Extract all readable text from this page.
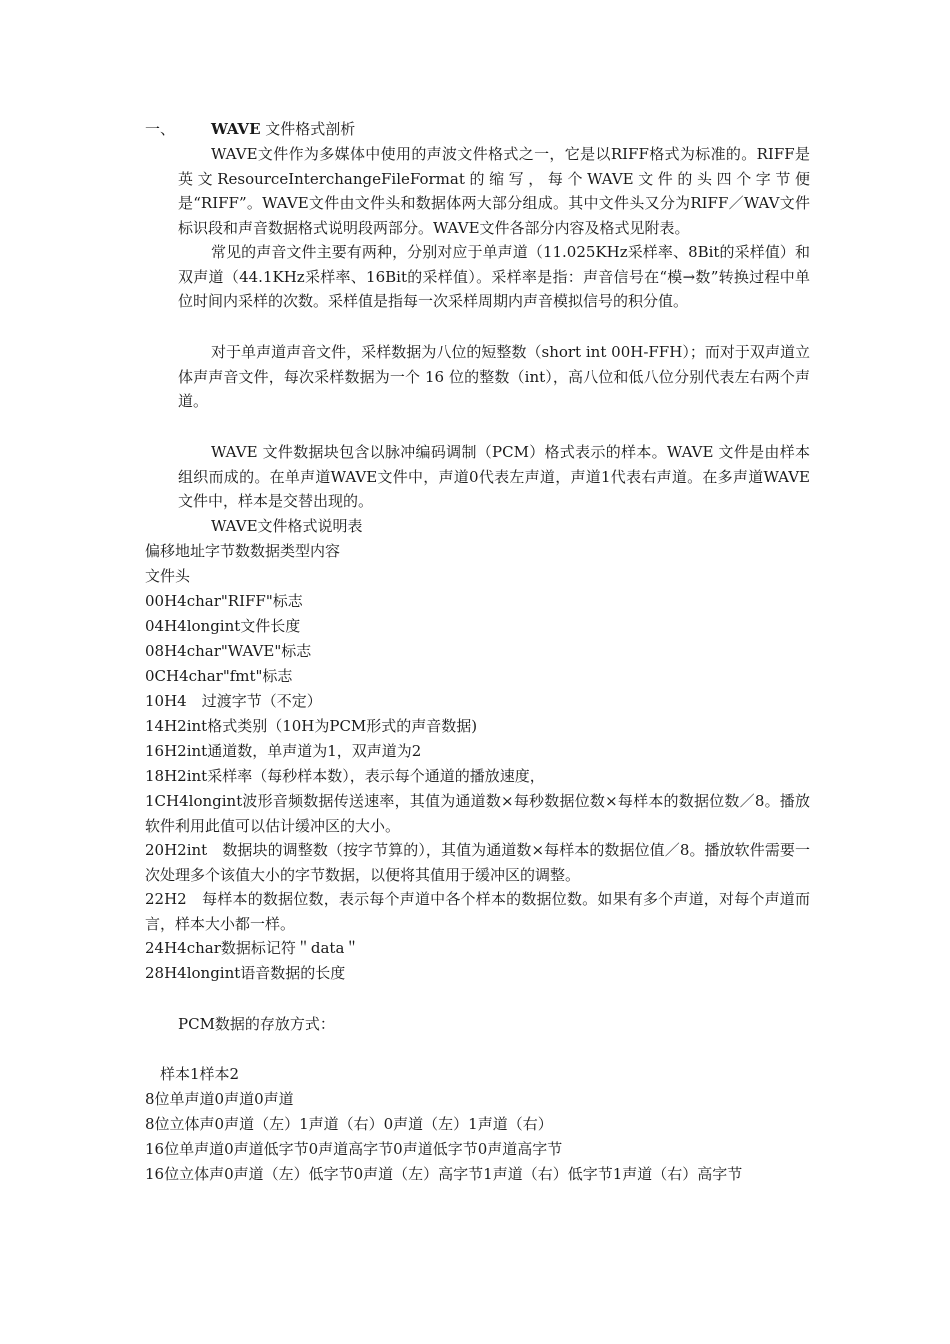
一、 WAVE 文件格式剖析
WAVE文件作为多媒体中使用的声波文件格式之一，它是以RIFF格式为标准的。RIFF是英文ResourceInterchangeFileFormat的缩写，每个WAVE文件的头四个字节便是“RIFF”。WAVE文件由文件头和数据体两大部分组成。其中文件头又分为RIFF／WAV文件标识段和声音数据格式说明段两部分。WAVE文件各部分内容及格式见附表。
常见的声音文件主要有两种，分别对应于单声道（11.025KHz采样率、8Bit的采样值）和双声道（44.1KHz采样率、16Bit的采样值）。采样率是指：声音信号在“模→数”转换过程中单位时间内采样的次数。采样值是指每一次采样周期内声音模拟信号的积分值。
对于单声道声音文件，采样数据为八位的短整数（short int 00H-FFH）；而对于双声道立体声声音文件，每次采样数据为一个 16 位的整数（int），高八位和低八位分别代表左右两个声道。
WAVE 文件数据块包含以脉冲编码调制（PCM）格式表示的样本。WAVE 文件是由样本组织而成的。在单声道WAVE文件中，声道0代表左声道，声道1代表右声道。在多声道WAVE文件中，样本是交替出现的。
WAVE文件格式说明表
偏移地址字节数数据类型内容
文件头
00H4char"RIFF"标志
04H4longint文件长度
08H4char"WAVE"标志
0CH4char"fmt"标志
10H4　过渡字节（不定）
14H2int格式类别（10H为PCM形式的声音数据)
16H2int通道数，单声道为1，双声道为2
18H2int采样率（每秒样本数），表示每个通道的播放速度，
1CH4longint波形音频数据传送速率，其值为通道数×每秒数据位数×每样本的数据位数／8。播放软件利用此值可以估计缓冲区的大小。
20H2int　数据块的调整数（按字节算的），其值为通道数×每样本的数据位值／8。播放软件需要一次处理多个该值大小的字节数据，以便将其值用于缓冲区的调整。
22H2　每样本的数据位数，表示每个声道中各个样本的数据位数。如果有多个声道，对每个声道而言，样本大小都一样。
24H4char数据标记符＂data＂
28H4longint语音数据的长度
PCM数据的存放方式：
样本1样本2
8位单声道0声道0声道
8位立体声0声道（左）1声道（右）0声道（左）1声道（右）
16位单声道0声道低字节0声道高字节0声道低字节0声道高字节
16位立体声0声道（左）低字节0声道（左）高字节1声道（右）低字节1声道（右）高字节
